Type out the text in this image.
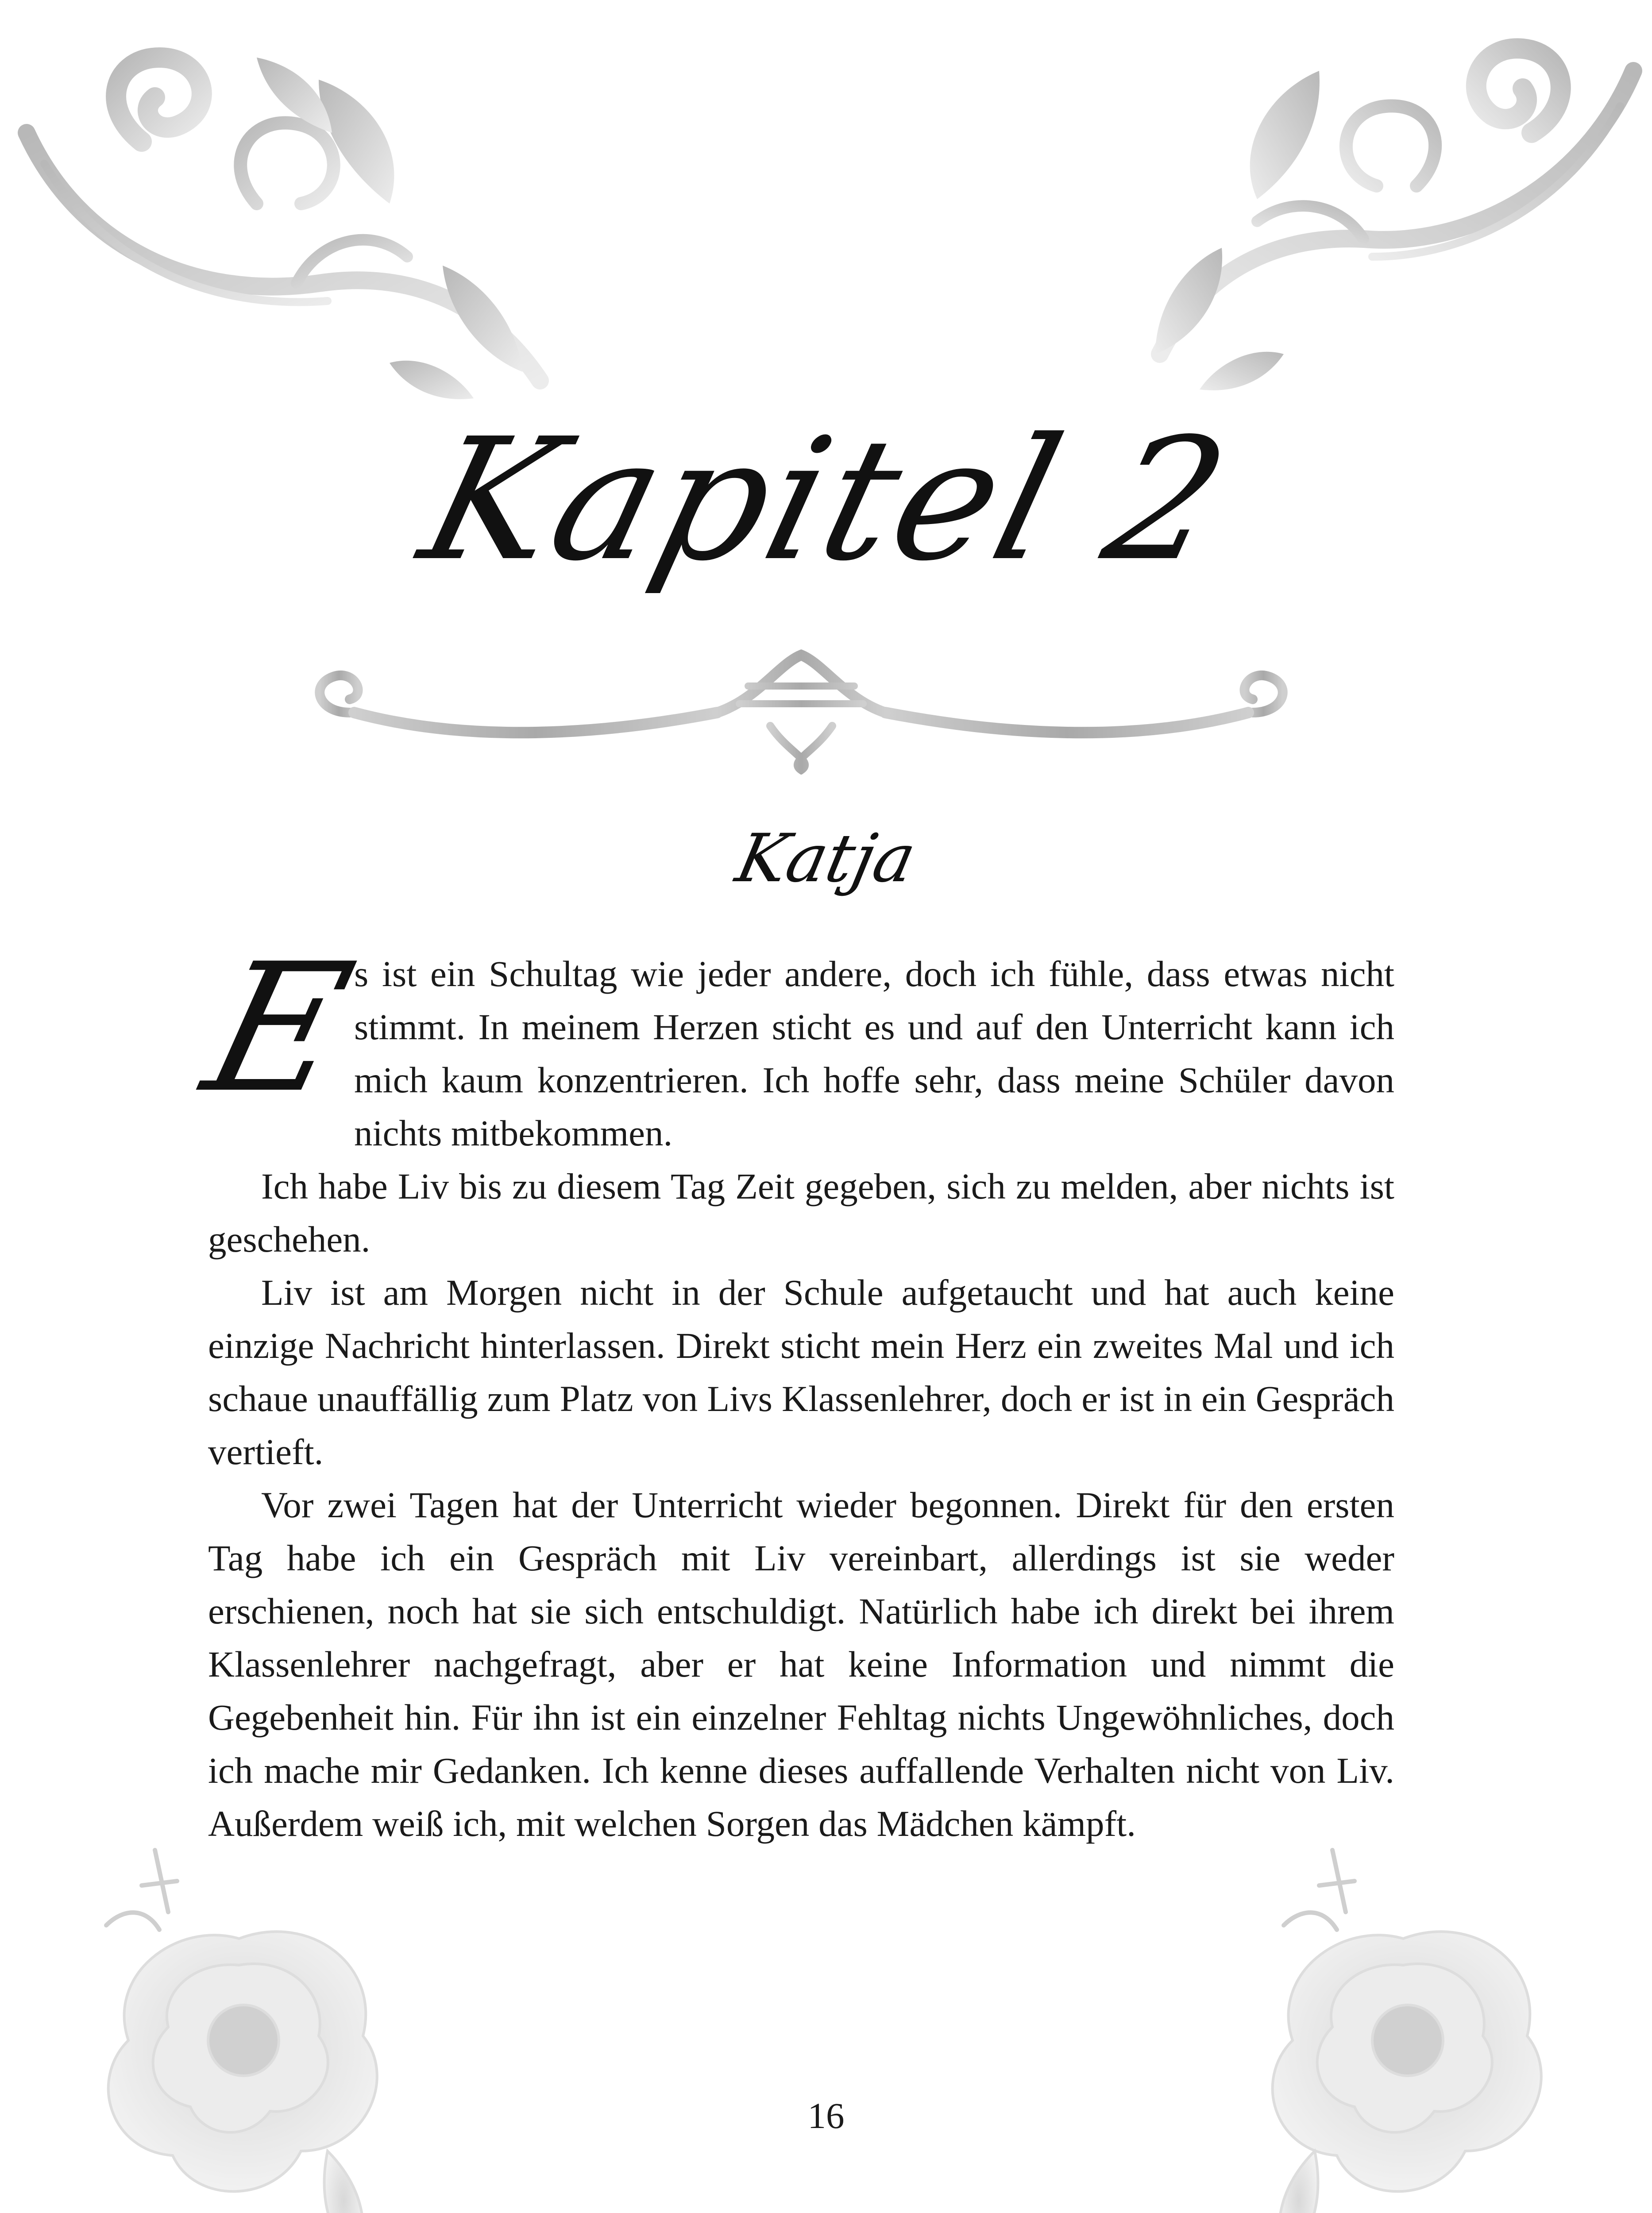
Kapitel 2
Katja

E
s ist ein Schultag wie jeder andere, doch ich fühle, dass etwas nicht stimmt. In meinem Herzen sticht es und auf den Unterricht kann ich mich kaum konzentrieren. Ich hoffe sehr, dass meine Schüler davon nichts mitbekommen.

Ich habe Liv bis zu diesem Tag Zeit gegeben, sich zu melden, aber nichts ist geschehen.

Liv ist am Morgen nicht in der Schule aufgetaucht und hat auch keine einzige Nachricht hinterlassen. Direkt sticht mein Herz ein zweites Mal und ich schaue unauffällig zum Platz von Livs Klassenlehrer, doch er ist in ein Gespräch vertieft.

Vor zwei Tagen hat der Unterricht wieder begonnen. Direkt für den ersten Tag habe ich ein Gespräch mit Liv vereinbart, allerdings ist sie weder erschienen, noch hat sie sich entschuldigt. Natürlich habe ich direkt bei ihrem Klassenlehrer nachgefragt, aber er hat keine Information und nimmt die Gegebenheit hin. Für ihn ist ein einzelner Fehltag nichts Ungewöhnliches, doch ich mache mir Gedanken. Ich kenne dieses auffallende Verhalten nicht von Liv. Außerdem weiß ich, mit welchen Sorgen das Mädchen kämpft.

16
